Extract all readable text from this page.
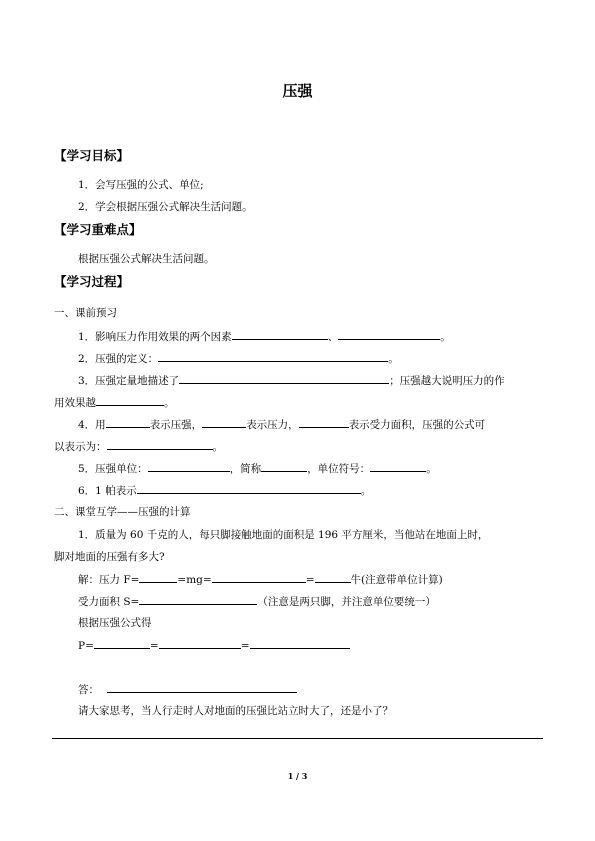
压强
【学习目标】
1．会写压强的公式、单位;
2．学会根据压强公式解决生活问题。
【学习重难点】
根据压强公式解决生活问题。
【学习过程】
一、课前预习
1．影响压力作用效果的两个因素	、	。
2．压强的定义：	。
3．压强定量地描述了	；压强越大说明压力的作
用效果越	。
4．用	表示压强，	表示压力，	表示受力面积，压强的公式可
以表示为：	。
5．压强单位：	，简称	，单位符号：	。
6．1 帕表示	。
二、课堂互学——压强的计算
1．质量为 60 千克的人，每只脚接触地面的面积是 196 平方厘米，当他站在地面上时，
脚对地面的压强有多大?
解：压力 F=	=mg=	=	牛(注意带单位计算)
受力面积 S=	（注意是两只脚，并注意单位要统一）
根据压强公式得
P=	=	=
答：
请大家思考，当人行走时人对地面的压强比站立时大了，还是小了？
1 / 3
